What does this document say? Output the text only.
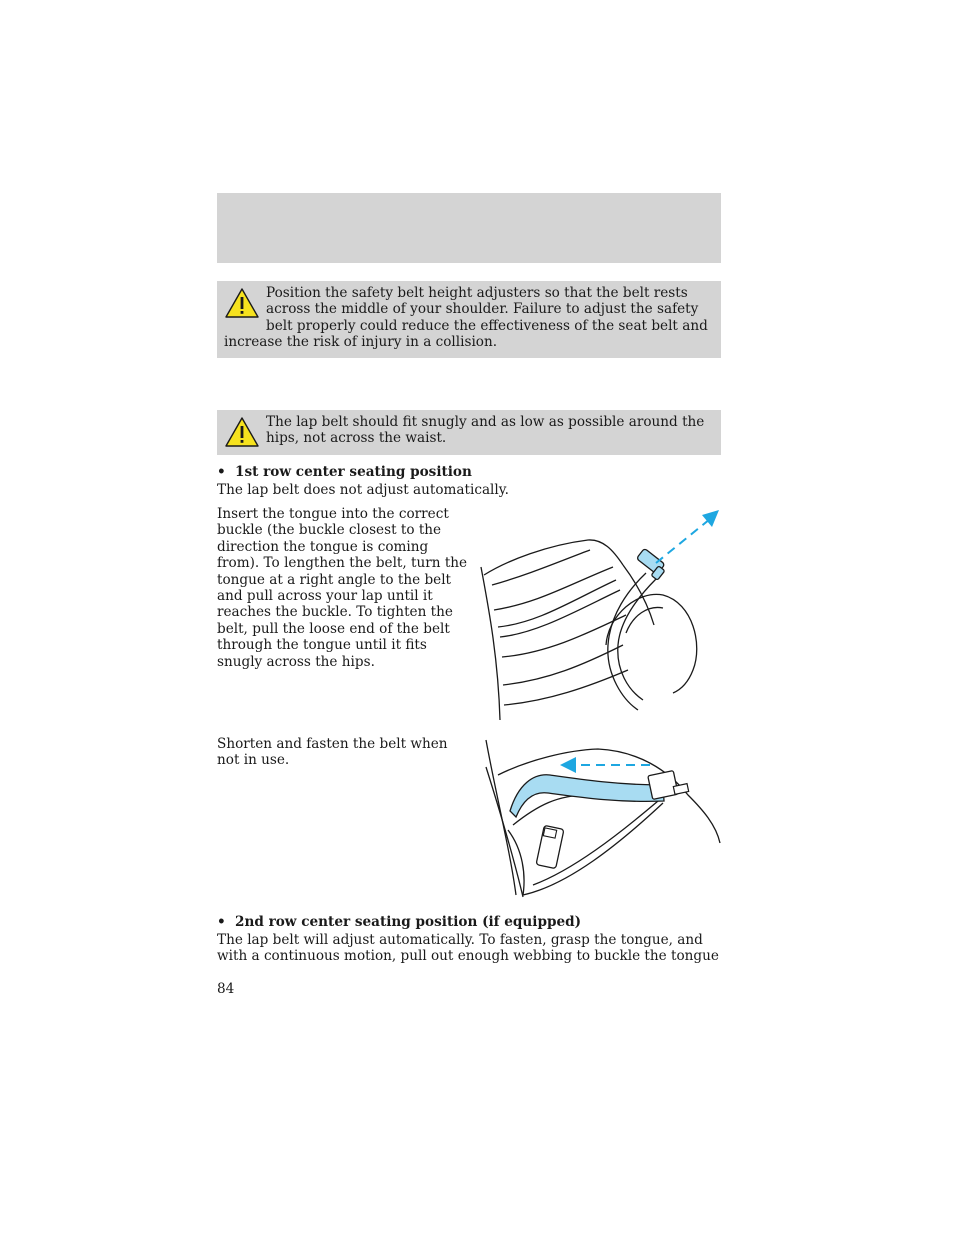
Position the safety belt height adjusters so that the belt rests across the middle of your shoulder. Failure to adjust the safety belt properly could reduce the effectiveness of the seat belt and increase the risk of injury in a collision.
The lap belt should fit snugly and as low as possible around the hips, not across the waist.
• 1st row center seating position
The lap belt does not adjust automatically.
Insert the tongue into the correct
buckle (the buckle closest to the
direction the tongue is coming
from). To lengthen the belt, turn the
tongue at a right angle to the belt
and pull across your lap until it
reaches the buckle. To tighten the
belt, pull the loose end of the belt
through the tongue until it fits
snugly across the hips.
Shorten and fasten the belt when
not in use.
• 2nd row center seating position (if equipped)
The lap belt will adjust automatically. To fasten, grasp the tongue, and
with a continuous motion, pull out enough webbing to buckle the tongue
84
